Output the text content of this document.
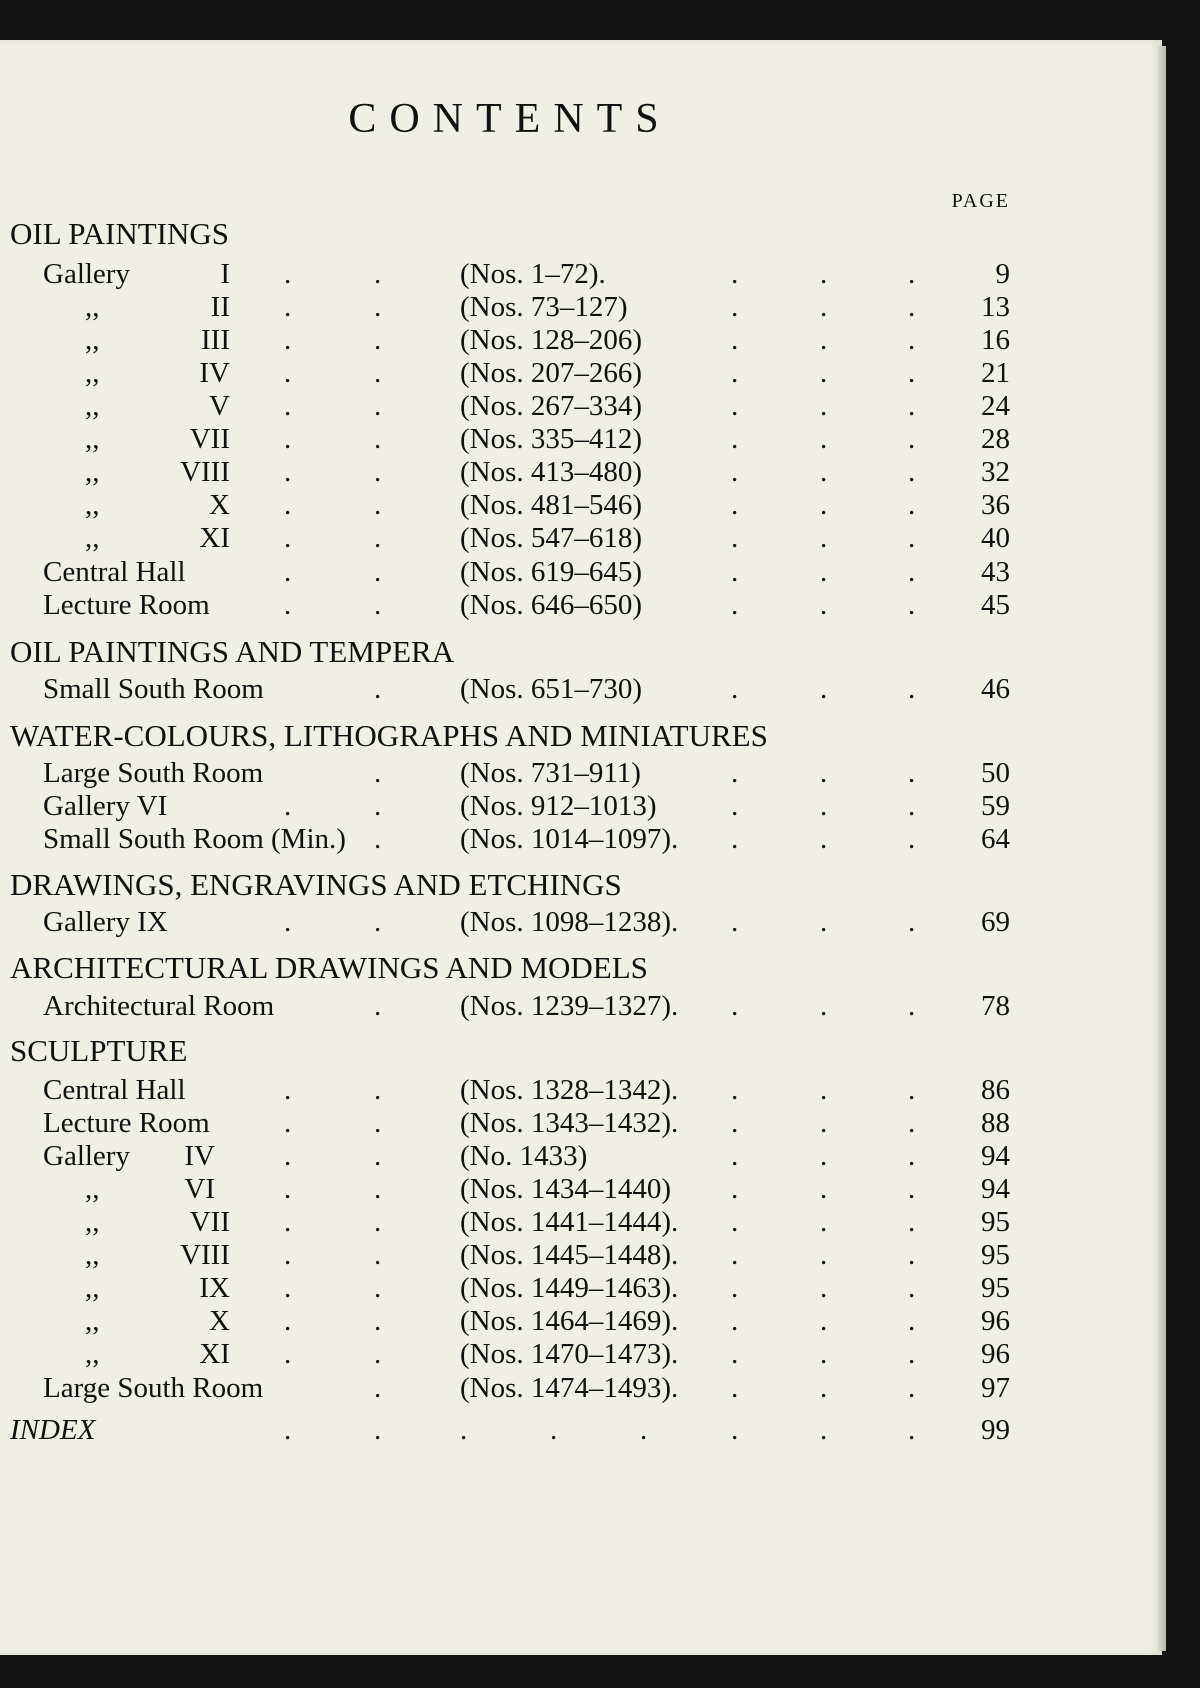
CONTENTS
PAGE
OIL PAINTINGS
OIL PAINTINGS AND TEMPERA
WATER-COLOURS, LITHOGRAPHS AND MINIATURES
DRAWINGS, ENGRAVINGS AND ETCHINGS
ARCHITECTURAL DRAWINGS AND MODELS
SCULPTURE
Gallery	I .	.	(Nos. 1–72).	.	.	.	9
,,	II .	.	(Nos. 73–127)	.	.	.	13
,,	III .	.	(Nos. 128–206)	.	.	.	16
,,	IV .	.	(Nos. 207–266)	.	.	.	21
,,	V .	.	(Nos. 267–334)	.	.	.	24
,,	VII .	.	(Nos. 335–412)	.	.	.	28
,,	VIII .	.	(Nos. 413–480)	.	.	.	32
,,	X .	.	(Nos. 481–546)	.	.	.	36
,,	XI .	.	(Nos. 547–618)	.	.	.	40
Central Hall	.	.	(Nos. 619–645)	.	.	.	43
Lecture Room	.	.	(Nos. 646–650)	.	.	.	45
Small South Room	.	(Nos. 651–730)	.	.	.	46
Large South Room	.	(Nos. 731–911)	.	.	.	50
Gallery VI	.	.	(Nos. 912–1013)	.	.	.	59
Small South Room (Min.) .	(Nos. 1014–1097). .	.	.	64
Gallery IX	.	.	(Nos. 1098–1238). .	.	.	69
Architectural Room	.	(Nos. 1239–1327). .	.	.	78
Central Hall	.	.	(Nos. 1328–1342). .	.	.	86
Lecture Room	.	.	(Nos. 1343–1432). .	.	.	88
Gallery	IV .	.	(No. 1433)	.	.	.	94
,,	VI .	.	(Nos. 1434–1440) .	.	.	94
,,	VII .	.	(Nos. 1441–1444). .	.	.	95
,,	VIII .	.	(Nos. 1445–1448). .	.	.	95
,,	IX .	.	(Nos. 1449–1463). .	.	.	95
,,	X .	.	(Nos. 1464–1469). .	.	.	96
,,	XI .	.	(Nos. 1470–1473). .	.	.	96
Large South Room	.	(Nos. 1474–1493). .	.	.	97
INDEX	.	.	.	.	.	.	.	.	99
